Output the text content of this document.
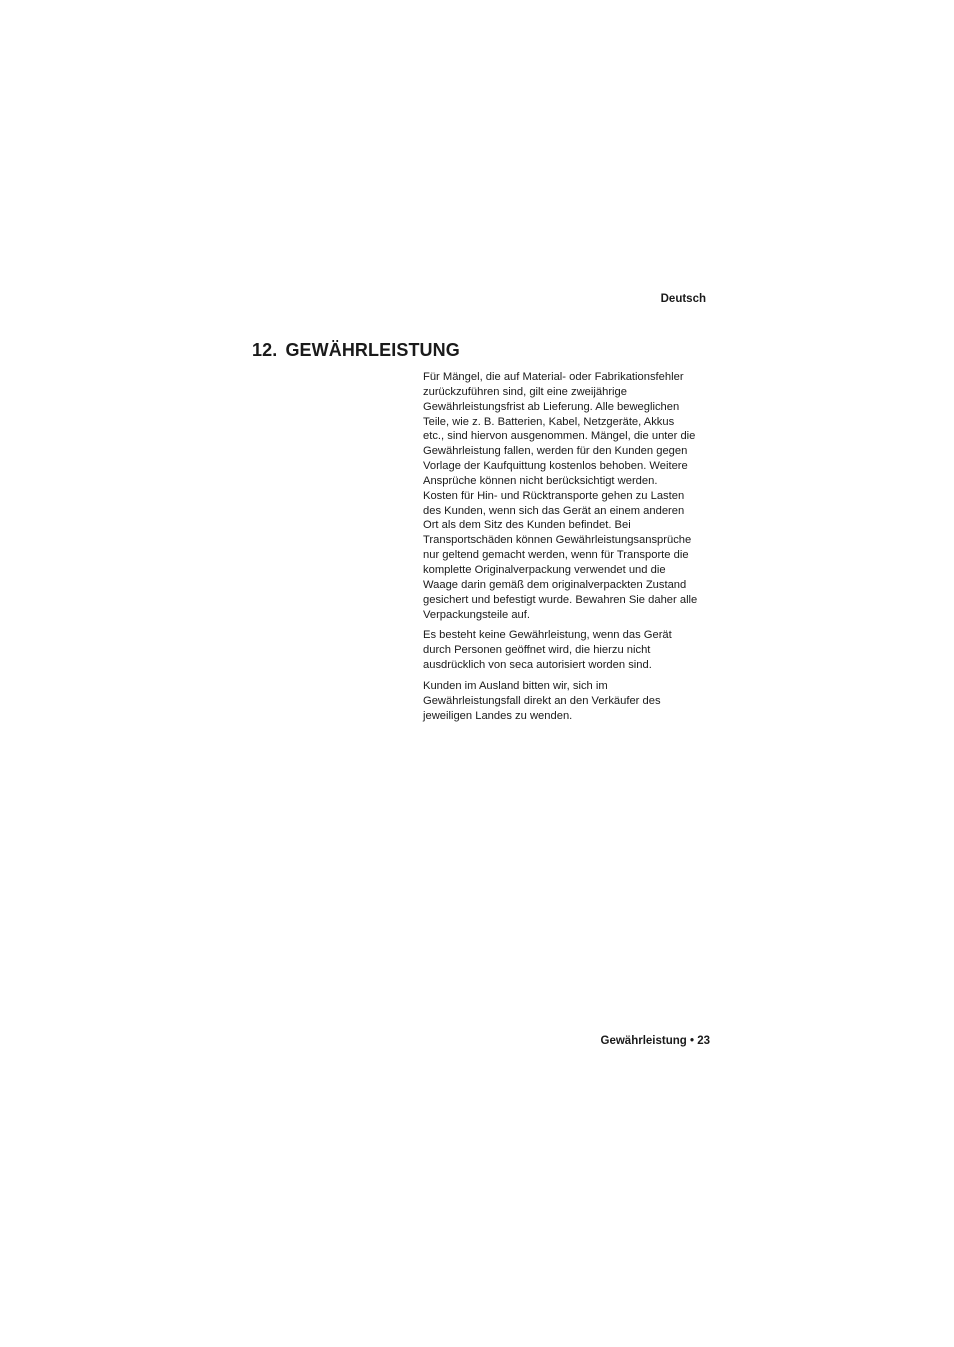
Deutsch
12. GEWÄHRLEISTUNG

Für Mängel, die auf Material- oder Fabrikationsfehler
zurückzuführen sind, gilt eine zweijährige
Gewährleistungsfrist ab Lieferung. Alle beweglichen
Teile, wie z. B. Batterien, Kabel, Netzgeräte, Akkus
etc., sind hiervon ausgenommen. Mängel, die unter die
Gewährleistung fallen, werden für den Kunden gegen
Vorlage der Kaufquittung kostenlos behoben. Weitere
Ansprüche können nicht berücksichtigt werden.
Kosten für Hin- und Rücktransporte gehen zu Lasten
des Kunden, wenn sich das Gerät an einem anderen
Ort als dem Sitz des Kunden befindet. Bei
Transportschäden können Gewährleistungsansprüche
nur geltend gemacht werden, wenn für Transporte die
komplette Originalverpackung verwendet und die
Waage darin gemäß dem originalverpackten Zustand
gesichert und befestigt wurde. Bewahren Sie daher alle
Verpackungsteile auf.

Es besteht keine Gewährleistung, wenn das Gerät
durch Personen geöffnet wird, die hierzu nicht
ausdrücklich von seca autorisiert worden sind.

Kunden im Ausland bitten wir, sich im
Gewährleistungsfall direkt an den Verkäufer des
jeweiligen Landes zu wenden.

Gewährleistung • 23
